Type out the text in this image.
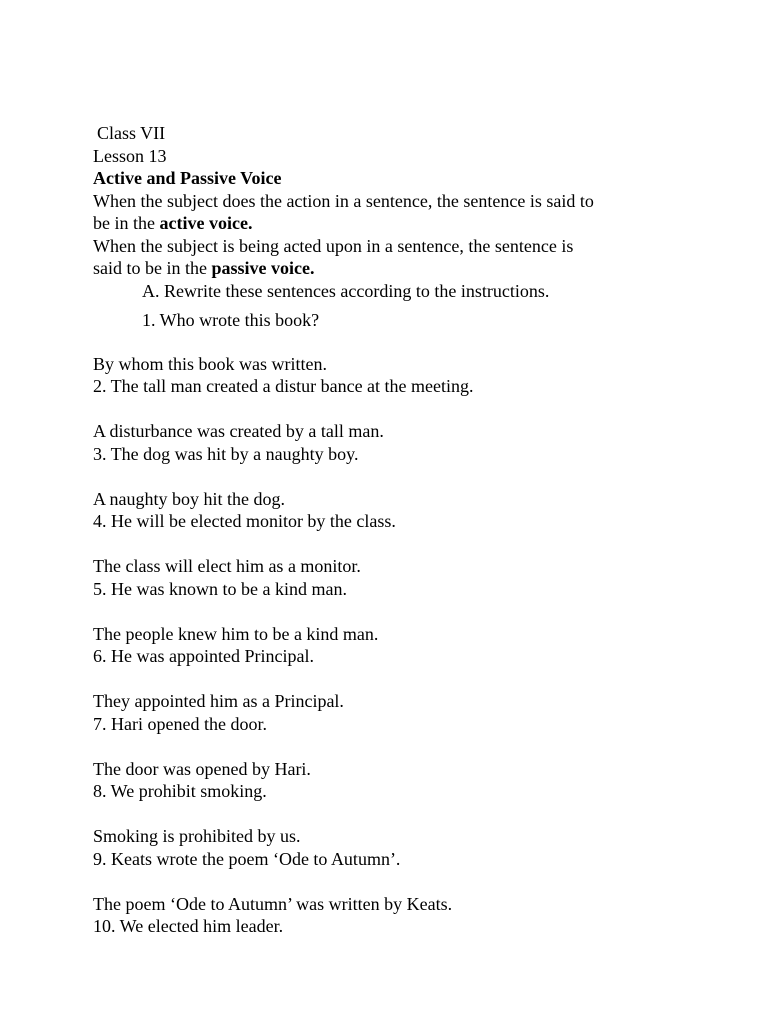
Class VII
Lesson 13
Active and Passive Voice
When the subject does the action in a sentence, the sentence is said to
be in the active voice.
When the subject is being acted upon in a sentence, the sentence is
said to be in the passive voice.
A. Rewrite these sentences according to the instructions.
1. Who wrote this book?
By whom this book was written.
2. The tall man created a distur bance at the meeting.
A disturbance was created by a tall man.
3. The dog was hit by a naughty boy.
A naughty boy hit the dog.
4. He will be elected monitor by the class.
The class will elect him as a monitor.
5. He was known to be a kind man.
The people knew him to be a kind man.
6. He was appointed Principal.
They appointed him as a Principal.
7. Hari opened the door.
The door was opened by Hari.
8. We prohibit smoking.
Smoking is prohibited by us.
9. Keats wrote the poem ‘Ode to Autumn’.
The poem ‘Ode to Autumn’ was written by Keats.
10. We elected him leader.
